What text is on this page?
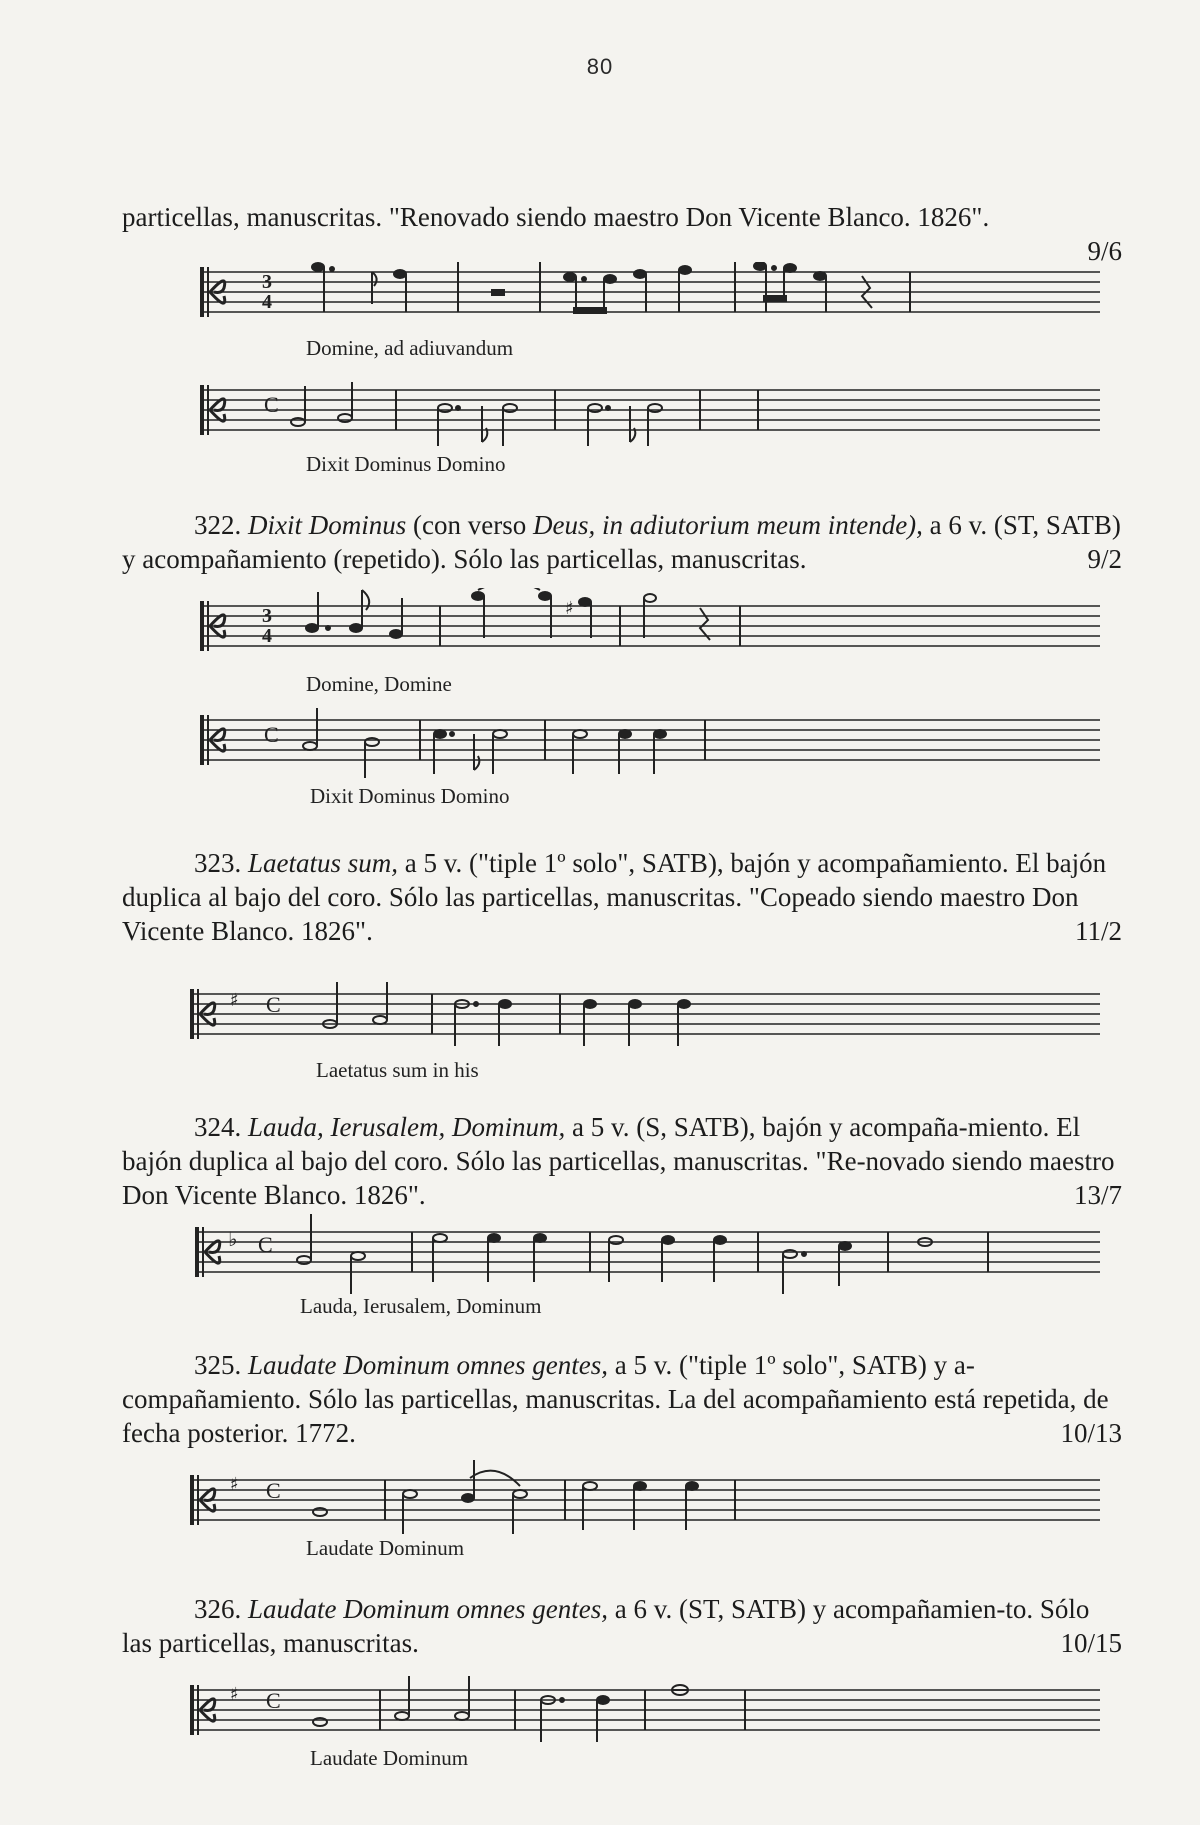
80

particellas, manuscritas. "Renovado siendo maestro Don Vicente Blanco. 1826".

9/6
3
4
Domine, ad adiuvandum
C
Dixit Dominus Domino

322. Dixit Dominus (con verso Deus, in adiutorium meum intende), a 6 v. (ST, SATB) y acompañamiento (repetido). Sólo las particellas, manuscritas.	9/2

3
4
♯
Domine, Domine
C
Dixit Dominus Domino

323. Laetatus sum, a 5 v. ("tiple 1º solo", SATB), bajón y acompañamiento. El bajón duplica al bajo del coro. Sólo las particellas, manuscritas. "Copeado siendo maestro Don Vicente Blanco. 1826".	11/2

♯ C
Laetatus sum in his

324. Lauda, Ierusalem, Dominum, a 5 v. (S, SATB), bajón y acompaña-miento. El bajón duplica al bajo del coro. Sólo las particellas, manuscritas. "Re-novado siendo maestro Don Vicente Blanco. 1826".	13/7

♭ C
Lauda, Ierusalem, Dominum

325. Laudate Dominum omnes gentes, a 5 v. ("tiple 1º solo", SATB) y a-compañamiento. Sólo las particellas, manuscritas. La del acompañamiento está repetida, de fecha posterior. 1772.	10/13

♯ C
Laudate Dominum

326. Laudate Dominum omnes gentes, a 6 v. (ST, SATB) y acompañamien-to. Sólo las particellas, manuscritas.	10/15

♯ C
Laudate Dominum
